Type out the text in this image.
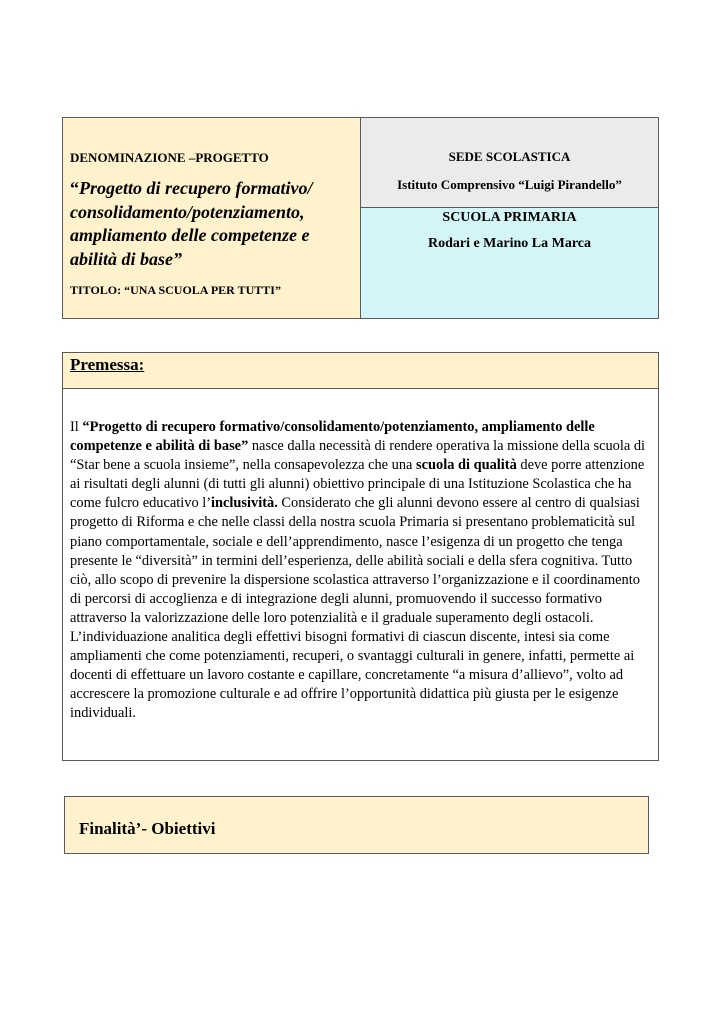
DENOMINAZIONE –PROGETTO
“Progetto di recupero formativo/ consolidamento/potenziamento, ampliamento delle competenze e abilità di base”
TITOLO: “UNA SCUOLA PER TUTTI”
SEDE SCOLASTICA
Istituto Comprensivo “Luigi Pirandello”
SCUOLA PRIMARIA
Rodari e Marino La Marca
Premessa:

Il “Progetto di recupero formativo/consolidamento/potenziamento, ampliamento delle competenze e abilità di base” nasce dalla necessità di rendere operativa la missione della scuola di “Star bene a scuola insieme”, nella consapevolezza che una scuola di qualità deve porre attenzione ai risultati degli alunni (di tutti gli alunni) obiettivo principale di una Istituzione Scolastica che ha come fulcro educativo l’inclusività. Considerato che gli alunni devono essere al centro di qualsiasi progetto di Riforma e che nelle classi della nostra scuola Primaria si presentano problematicità sul piano comportamentale, sociale e dell’apprendimento, nasce l’esigenza di un progetto che tenga presente le “diversità” in termini dell’esperienza, delle abilità sociali e della sfera cognitiva. Tutto ciò, allo scopo di prevenire la dispersione scolastica attraverso l’organizzazione e il coordinamento di percorsi di accoglienza e di integrazione degli alunni, promuovendo il successo formativo attraverso la valorizzazione delle loro potenzialità e il graduale superamento degli ostacoli. L’individuazione analitica degli effettivi bisogni formativi di ciascun discente, intesi sia come ampliamenti che come potenziamenti, recuperi, o svantaggi culturali in genere, infatti, permette ai docenti di effettuare un lavoro costante e capillare, concretamente “a misura d’allievo”, volto ad accrescere la promozione culturale e ad offrire l’opportunità didattica più giusta per le esigenze individuali.

Finalità’- Obiettivi
